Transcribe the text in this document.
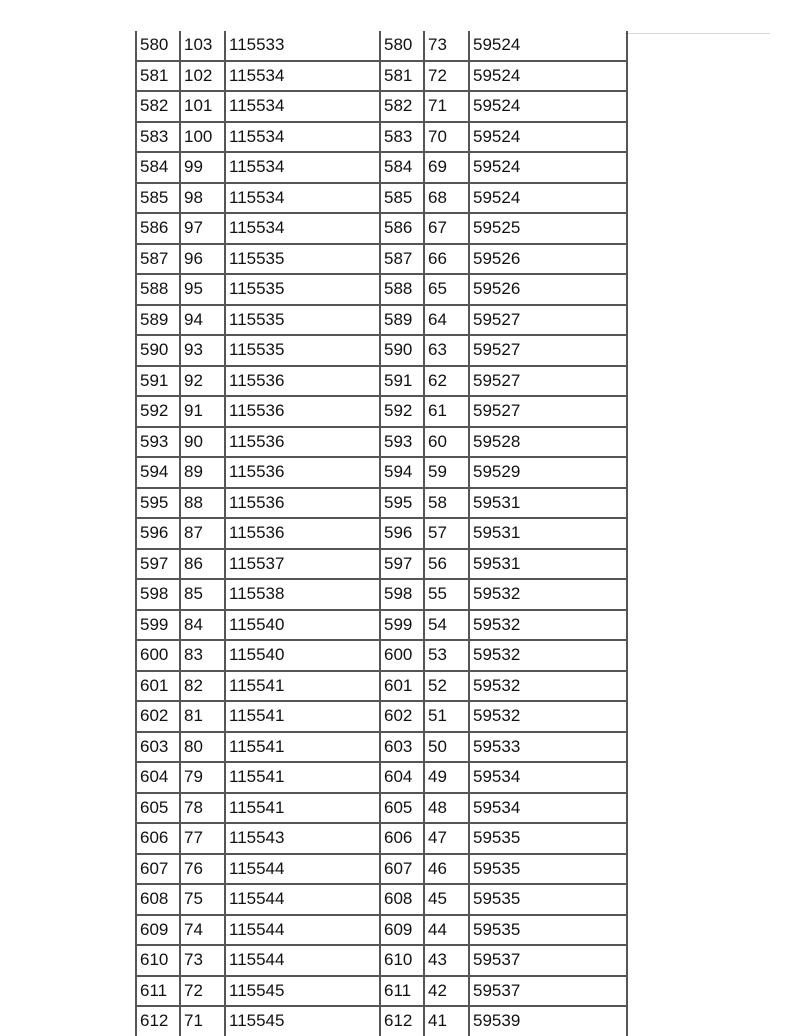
580	103	115533	580	73	59524
581	102	115534	581	72	59524
582	101	115534	582	71	59524
583	100	115534	583	70	59524
584	99	115534	584	69	59524
585	98	115534	585	68	59524
586	97	115534	586	67	59525
587	96	115535	587	66	59526
588	95	115535	588	65	59526
589	94	115535	589	64	59527
590	93	115535	590	63	59527
591	92	115536	591	62	59527
592	91	115536	592	61	59527
593	90	115536	593	60	59528
594	89	115536	594	59	59529
595	88	115536	595	58	59531
596	87	115536	596	57	59531
597	86	115537	597	56	59531
598	85	115538	598	55	59532
599	84	115540	599	54	59532
600	83	115540	600	53	59532
601	82	115541	601	52	59532
602	81	115541	602	51	59532
603	80	115541	603	50	59533
604	79	115541	604	49	59534
605	78	115541	605	48	59534
606	77	115543	606	47	59535
607	76	115544	607	46	59535
608	75	115544	608	45	59535
609	74	115544	609	44	59535
610	73	115544	610	43	59537
611	72	115545	611	42	59537
612	71	115545	612	41	59539
